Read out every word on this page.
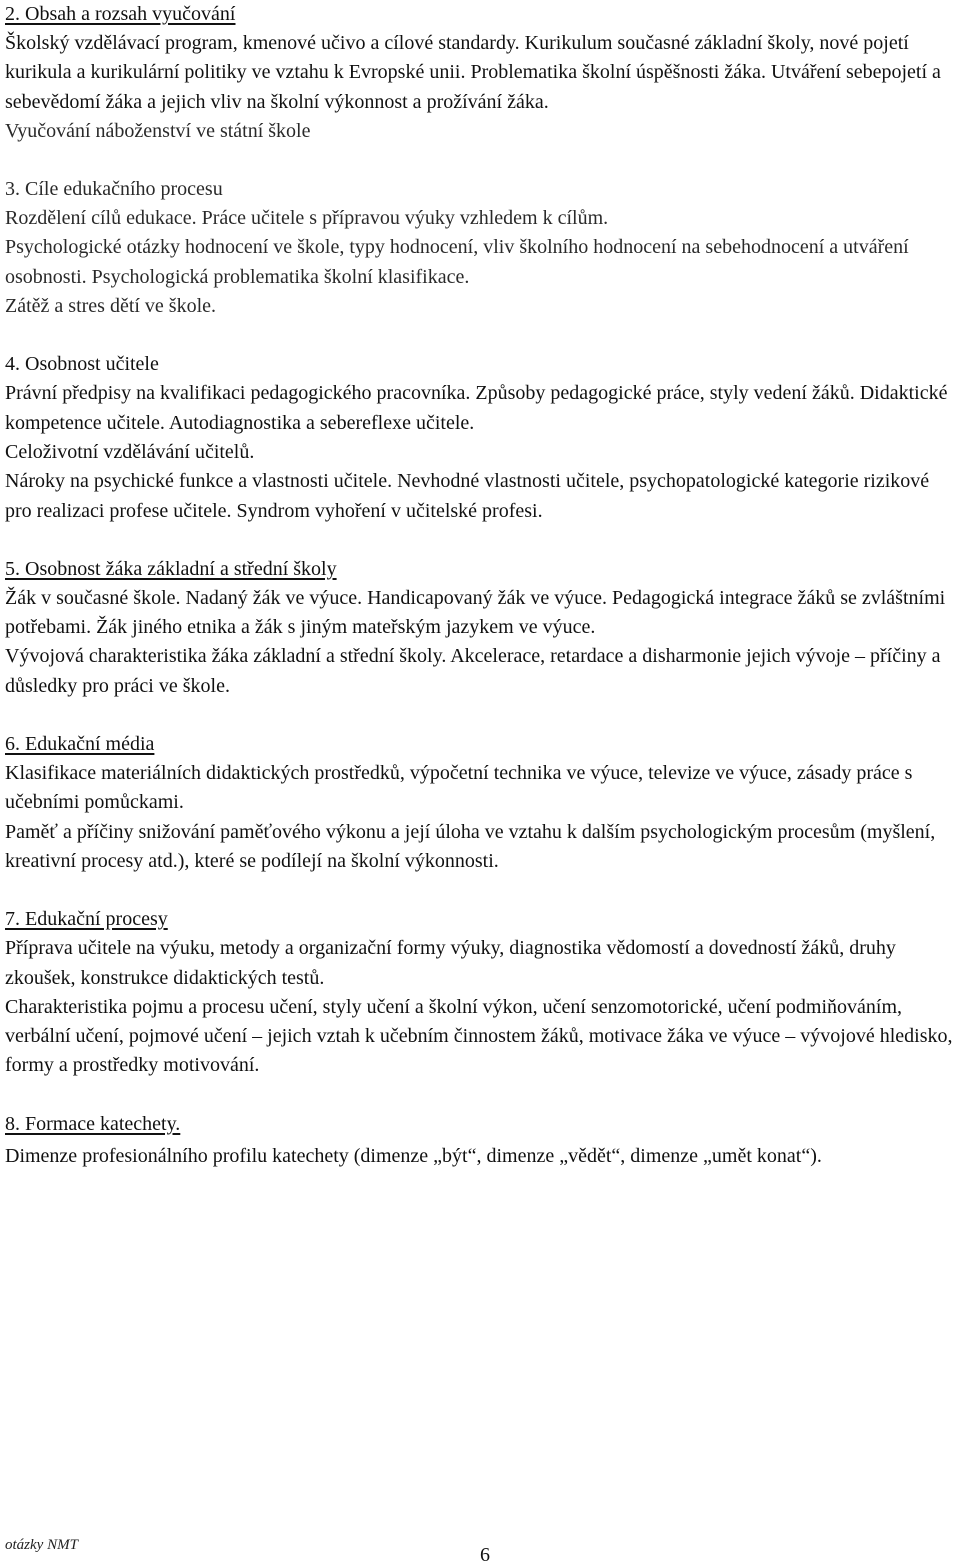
2. Obsah a rozsah vyučování

Školský vzdělávací program, kmenové učivo a cílové standardy. Kurikulum současné základní školy, nové pojetí kurikula a kurikulární politiky ve vztahu k Evropské unii. Problematika školní úspěšnosti žáka. Utváření sebepojetí a sebevědomí žáka a jejich vliv na školní výkonnost a prožívání žáka.

Vyučování náboženství ve státní škole

3. Cíle edukačního procesu

Rozdělení cílů edukace. Práce učitele s přípravou výuky vzhledem k cílům.

Psychologické otázky hodnocení ve škole, typy hodnocení, vliv školního hodnocení na sebehodnocení a utváření osobnosti. Psychologická problematika školní klasifikace.

Zátěž a stres dětí ve škole.

4. Osobnost učitele

Právní předpisy na kvalifikaci pedagogického pracovníka. Způsoby pedagogické práce, styly vedení žáků. Didaktické kompetence učitele. Autodiagnostika a sebereflexe učitele.

Celoživotní vzdělávání učitelů.

Nároky na psychické funkce a vlastnosti učitele. Nevhodné vlastnosti učitele, psychopatologické kategorie rizikové pro realizaci profese učitele. Syndrom vyhoření v učitelské profesi.

5. Osobnost žáka základní a střední školy

Žák v současné škole. Nadaný žák ve výuce. Handicapovaný žák ve výuce. Pedagogická integrace žáků se zvláštními potřebami. Žák jiného etnika a žák s jiným mateřským jazykem ve výuce.

Vývojová charakteristika žáka základní a střední školy. Akcelerace, retardace a disharmonie jejich vývoje – příčiny a důsledky pro práci ve škole.

6. Edukační média

Klasifikace materiálních didaktických prostředků, výpočetní technika ve výuce, televize ve výuce, zásady práce s učebními pomůckami.

Paměť a příčiny snižování paměťového výkonu a její úloha ve vztahu k dalším psychologickým procesům (myšlení, kreativní procesy atd.), které se podílejí na školní výkonnosti.

7. Edukační procesy

Příprava učitele na výuku, metody a organizační formy výuky, diagnostika vědomostí a dovedností žáků, druhy zkoušek, konstrukce didaktických testů.

Charakteristika pojmu a procesu učení, styly učení a školní výkon, učení senzomotorické, učení podmiňováním, verbální učení, pojmové učení – jejich vztah k učebním činnostem žáků, motivace žáka ve výuce – vývojové hledisko, formy a prostředky motivování.

8. Formace katechety.

Dimenze profesionálního profilu katechety (dimenze „být“, dimenze „vědět“, dimenze „umět konat“).

otázky NMT	6
